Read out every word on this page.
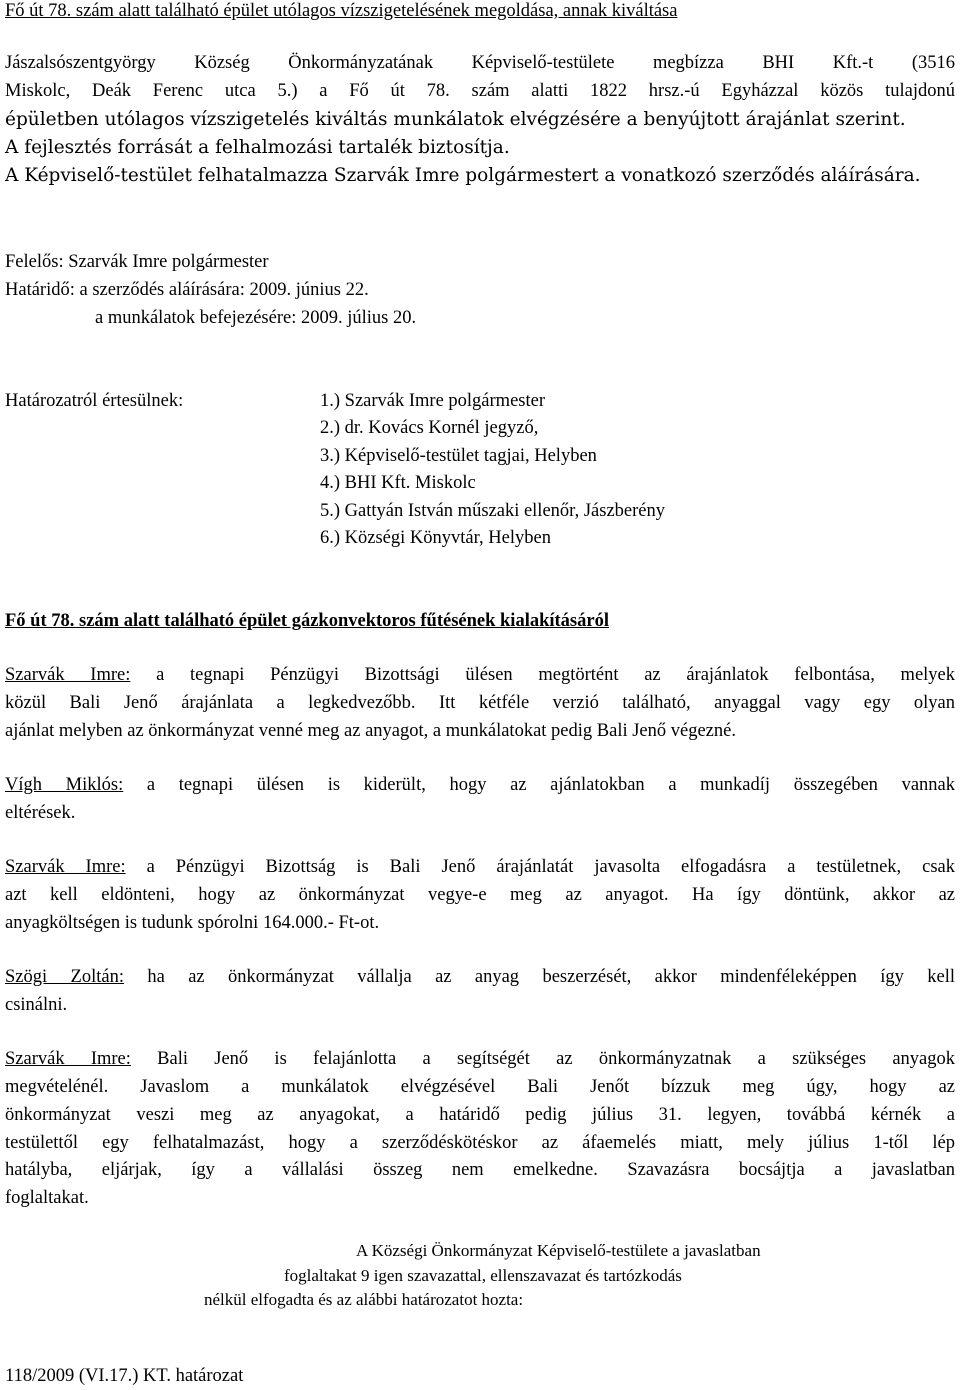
Fő út 78. szám alatt található épület utólagos vízszigetelésének megoldása, annak kiváltása

Jászalsószentgyörgy Község Önkormányzatának Képviselő-testülete megbízza BHI Kft.-t (3516

Miskolc, Deák Ferenc utca 5.) a Fő út 78. szám alatti 1822 hrsz.-ú Egyházzal közös tulajdonú

épületben utólagos vízszigetelés kiváltás munkálatok elvégzésére a benyújtott árajánlat szerint.

A fejlesztés forrását a felhalmozási tartalék biztosítja.

A Képviselő-testület felhatalmazza Szarvák Imre polgármestert a vonatkozó szerződés aláírására.

Felelős: Szarvák Imre polgármester

Határidő: a szerződés aláírására: 2009. június 22.

a munkálatok befejezésére: 2009. július 20.

Határozatról értesülnek:	1.) Szarvák Imre polgármester

2.) dr. Kovács Kornél jegyző,

3.) Képviselő-testület tagjai, Helyben

4.) BHI Kft. Miskolc

5.) Gattyán István műszaki ellenőr, Jászberény

6.) Községi Könyvtár, Helyben

Fő út 78. szám alatt található épület gázkonvektoros fűtésének kialakításáról

Szarvák Imre: a tegnapi Pénzügyi Bizottsági ülésen megtörtént az árajánlatok felbontása, melyek

közül Bali Jenő árajánlata a legkedvezőbb. Itt kétféle verzió található, anyaggal vagy egy olyan

ajánlat melyben az önkormányzat venné meg az anyagot, a munkálatokat pedig Bali Jenő végezné.

Vígh Miklós: a tegnapi ülésen is kiderült, hogy az ajánlatokban a munkadíj összegében vannak

eltérések.

Szarvák Imre: a Pénzügyi Bizottság is Bali Jenő árajánlatát javasolta elfogadásra a testületnek, csak

azt kell eldönteni, hogy az önkormányzat vegye-e meg az anyagot. Ha így döntünk, akkor az

anyagköltségen is tudunk spórolni 164.000.- Ft-ot.

Szögi Zoltán: ha az önkormányzat vállalja az anyag beszerzését, akkor mindenféleképpen így kell

csinálni.

Szarvák Imre: Bali Jenő is felajánlotta a segítségét az önkormányzatnak a szükséges anyagok

megvételénél. Javaslom a munkálatok elvégzésével Bali Jenőt bízzuk meg úgy, hogy az

önkormányzat veszi meg az anyagokat, a határidő pedig július 31. legyen, továbbá kérnék a

testülettől egy felhatalmazást, hogy a szerződéskötéskor az áfaemelés miatt, mely július 1-től lép

hatályba, eljárjak, így a vállalási összeg nem emelkedne. Szavazásra bocsájtja a javaslatban

foglaltakat.

A Községi Önkormányzat Képviselő-testülete a javaslatban

foglaltakat 9 igen szavazattal, ellenszavazat és tartózkodás

nélkül elfogadta és az alábbi határozatot hozta:

118/2009 (VI.17.) KT. határozat
